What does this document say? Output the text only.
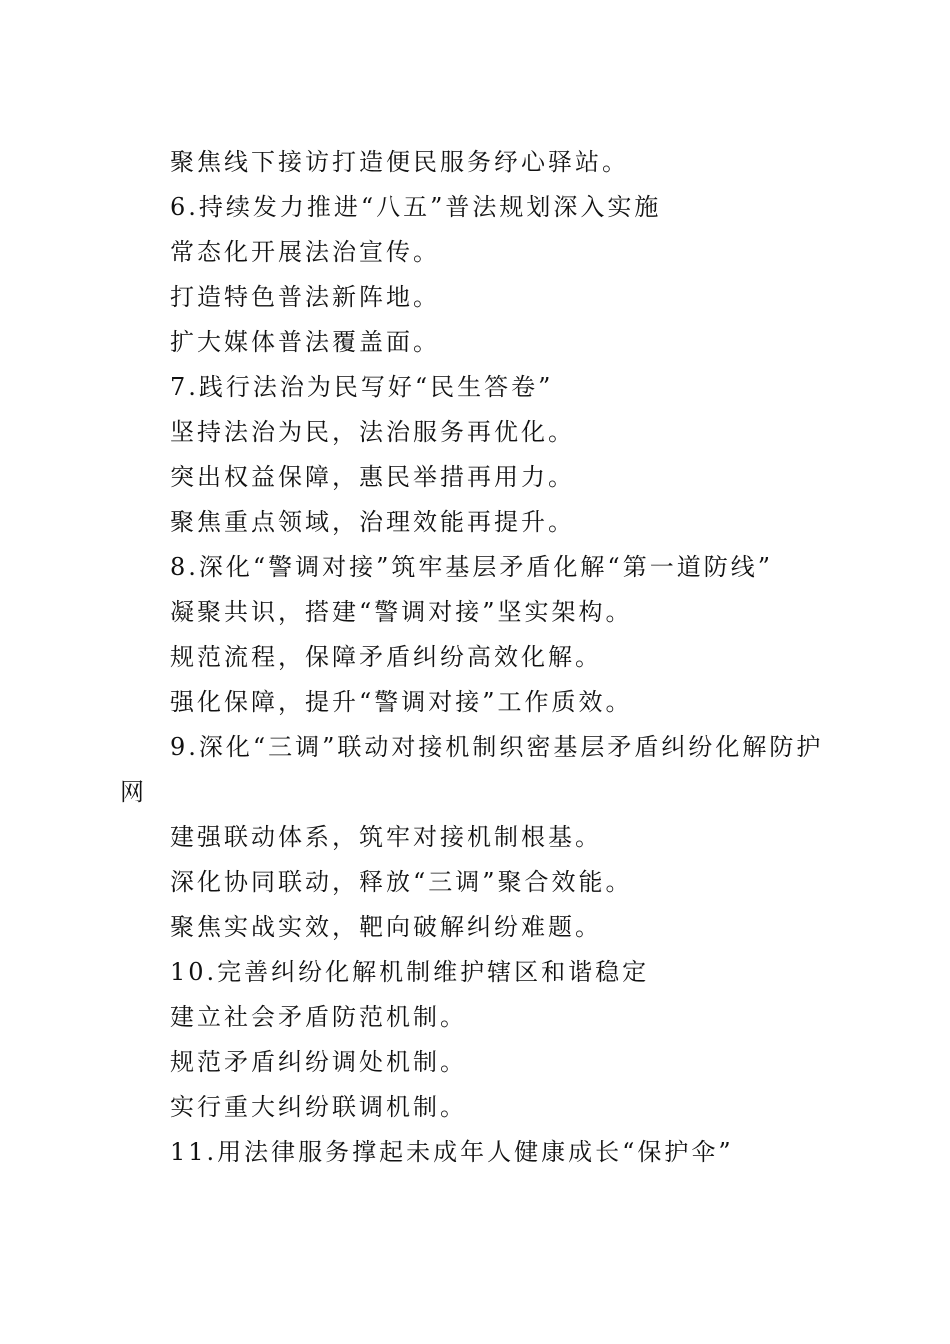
聚焦线下接访打造便民服务纾心驿站。
6.持续发力推进“八五”普法规划深入实施
常态化开展法治宣传。
打造特色普法新阵地。
扩大媒体普法覆盖面。
7.践行法治为民写好“民生答卷”
坚持法治为民，法治服务再优化。
突出权益保障，惠民举措再用力。
聚焦重点领域，治理效能再提升。
8.深化“警调对接”筑牢基层矛盾化解“第一道防线”
凝聚共识，搭建“警调对接”坚实架构。
规范流程，保障矛盾纠纷高效化解。
强化保障，提升“警调对接”工作质效。
9.深化“三调”联动对接机制织密基层矛盾纠纷化解防护
网
建强联动体系，筑牢对接机制根基。
深化协同联动，释放“三调”聚合效能。
聚焦实战实效，靶向破解纠纷难题。
10.完善纠纷化解机制维护辖区和谐稳定
建立社会矛盾防范机制。
规范矛盾纠纷调处机制。
实行重大纠纷联调机制。
11.用法律服务撑起未成年人健康成长“保护伞”
